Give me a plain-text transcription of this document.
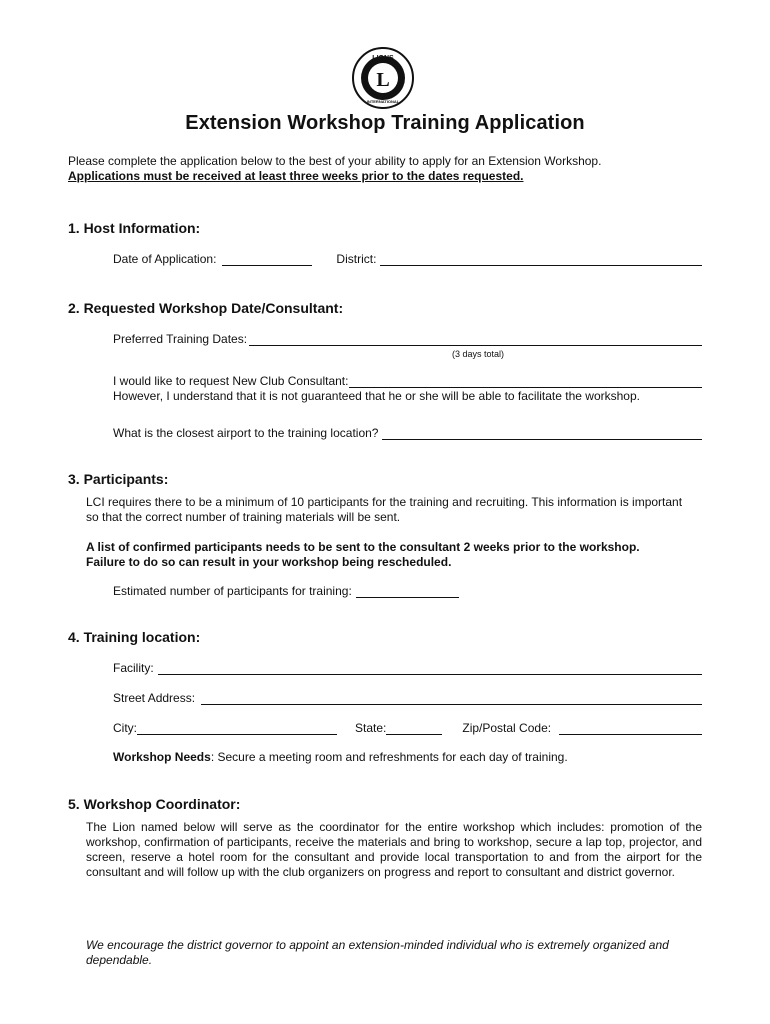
L
LIONS
INTERNATIONAL
Extension Workshop Training Application
Please complete the application below to the best of your ability to apply for an Extension Workshop.
Applications must be received at least three weeks prior to the dates requested.
1. Host Information:
Date of Application:	District:
2. Requested Workshop Date/Consultant:
Preferred Training Dates:
(3 days total)
I would like to request New Club Consultant:
However, I understand that it is not guaranteed that he or she will be able to facilitate the workshop.
What is the closest airport to the training location?
3. Participants:
LCI requires there to be a minimum of 10 participants for the training and recruiting. This information is important so that the correct number of training materials will be sent.
A list of confirmed participants needs to be sent to the consultant 2 weeks prior to the workshop.
Failure to do so can result in your workshop being rescheduled.
Estimated number of participants for training:
4. Training location:
Facility:
Street Address:
City:	State:	Zip/Postal Code:
Workshop Needs: Secure a meeting room and refreshments for each day of training.
5. Workshop Coordinator:
The Lion named below will serve as the coordinator for the entire workshop which includes: promotion of the workshop, confirmation of participants, receive the materials and bring to workshop, secure a lap top, projector, and screen, reserve a hotel room for the consultant and provide local transportation to and from the airport for the consultant and will follow up with the club organizers on progress and report to consultant and district governor.
We encourage the district governor to appoint an extension-minded individual who is extremely organized and dependable.
